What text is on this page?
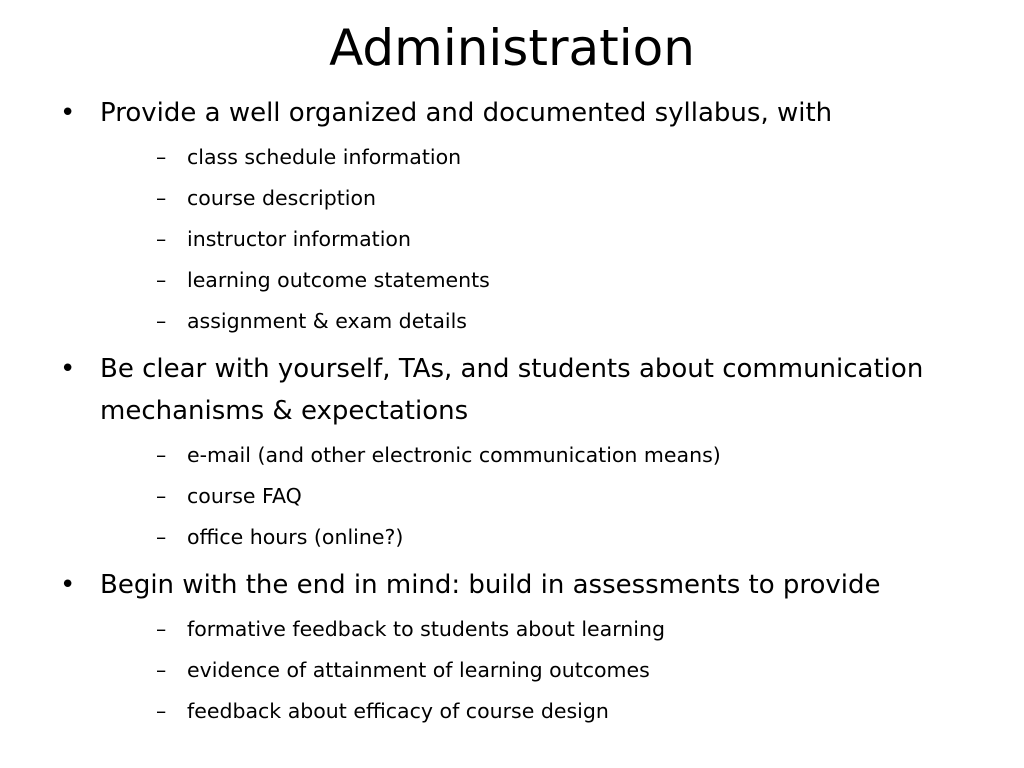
Administration
• Provide a well organized and documented syllabus, with
– class schedule information
– course description
– instructor information
– learning outcome statements
– assignment & exam details
• Be clear with yourself, TAs, and students about communication mechanisms & expectations
– e-mail (and other electronic communication means)
– course FAQ
– office hours (online?)
• Begin with the end in mind: build in assessments to provide
– formative feedback to students about learning
– evidence of attainment of learning outcomes
– feedback about efficacy of course design
